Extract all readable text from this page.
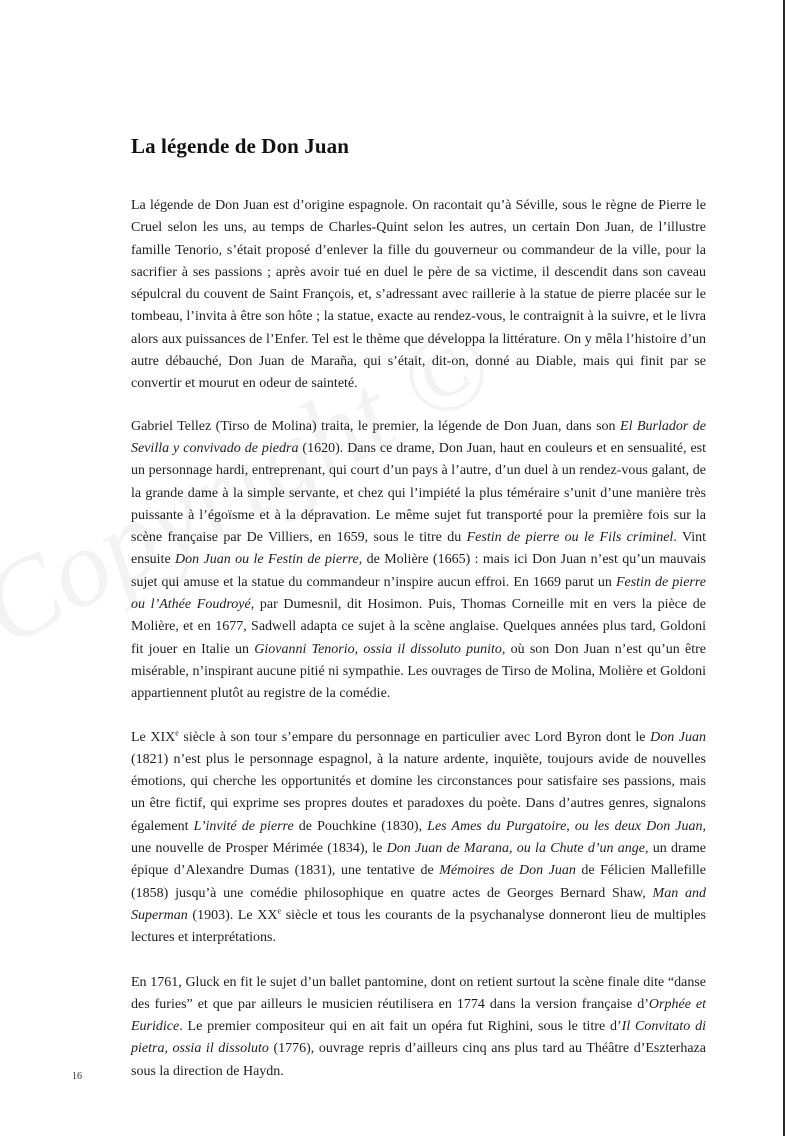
La légende de Don Juan

La légende de Don Juan est d’origine espagnole. On racontait qu’à Séville, sous le règne de Pierre le Cruel selon les uns, au temps de Charles-Quint selon les autres, un certain Don Juan, de l’illustre famille Tenorio, s’était proposé d’enlever la fille du gouverneur ou commandeur de la ville, pour la sacrifier à ses passions ; après avoir tué en duel le père de sa victime, il descendit dans son caveau sépulcral du couvent de Saint François, et, s’adressant avec raillerie à la statue de pierre placée sur le tombeau, l’invita à être son hôte ; la statue, exacte au rendez-vous, le contraignit à la suivre, et le livra alors aux puissances de l’Enfer. Tel est le thème que développa la littérature. On y mêla l’histoire d’un autre débauché, Don Juan de Maraña, qui s’était, dit-on, donné au Diable, mais qui finit par se convertir et mourut en odeur de sainteté.

Gabriel Tellez (Tirso de Molina) traita, le premier, la légende de Don Juan, dans son El Burlador de Sevilla y convivado de piedra (1620). Dans ce drame, Don Juan, haut en couleurs et en sensualité, est un personnage hardi, entreprenant, qui court d’un pays à l’autre, d’un duel à un rendez-vous galant, de la grande dame à la simple servante, et chez qui l’impiété la plus téméraire s’unit d’une manière très puissante à l’égoïsme et à la dépravation. Le même sujet fut transporté pour la première fois sur la scène française par De Villiers, en 1659, sous le titre du Festin de pierre ou le Fils criminel. Vint ensuite Don Juan ou le Festin de pierre, de Molière (1665) : mais ici Don Juan n’est qu’un mauvais sujet qui amuse et la statue du commandeur n’inspire aucun effroi. En 1669 parut un Festin de pierre ou l’Athée Foudroyé, par Dumesnil, dit Hosimon. Puis, Thomas Corneille mit en vers la pièce de Molière, et en 1677, Sadwell adapta ce sujet à la scène anglaise. Quelques années plus tard, Goldoni fit jouer en Italie un Giovanni Tenorio, ossia il dissoluto punito, où son Don Juan n’est qu’un être misérable, n’inspirant aucune pitié ni sympathie. Les ouvrages de Tirso de Molina, Molière et Goldoni appartiennent plutôt au registre de la comédie.

Le XIXe siècle à son tour s’empare du personnage en particulier avec Lord Byron dont le Don Juan (1821) n’est plus le personnage espagnol, à la nature ardente, inquiète, toujours avide de nouvelles émotions, qui cherche les opportunités et domine les circonstances pour satisfaire ses passions, mais un être fictif, qui exprime ses propres doutes et paradoxes du poète. Dans d’autres genres, signalons également L’invité de pierre de Pouchkine (1830), Les Ames du Purgatoire, ou les deux Don Juan, une nouvelle de Prosper Mérimée (1834), le Don Juan de Marana, ou la Chute d’un ange, un drame épique d’Alexandre Dumas (1831), une tentative de Mémoires de Don Juan de Félicien Mallefille (1858) jusqu’à une comédie philosophique en quatre actes de Georges Bernard Shaw, Man and Superman (1903). Le XXe siècle et tous les courants de la psychanalyse donneront lieu de multiples lectures et interprétations.

En 1761, Gluck en fit le sujet d’un ballet pantomine, dont on retient surtout la scène finale dite “danse des furies” et que par ailleurs le musicien réutilisera en 1774 dans la version française d’Orphée et Euridice. Le premier compositeur qui en ait fait un opéra fut Righini, sous le titre d’Il Convitato di pietra, ossia il dissoluto (1776), ouvrage repris d’ailleurs cinq ans plus tard au Théâtre d’Eszterhaza sous la direction de Haydn.

16
